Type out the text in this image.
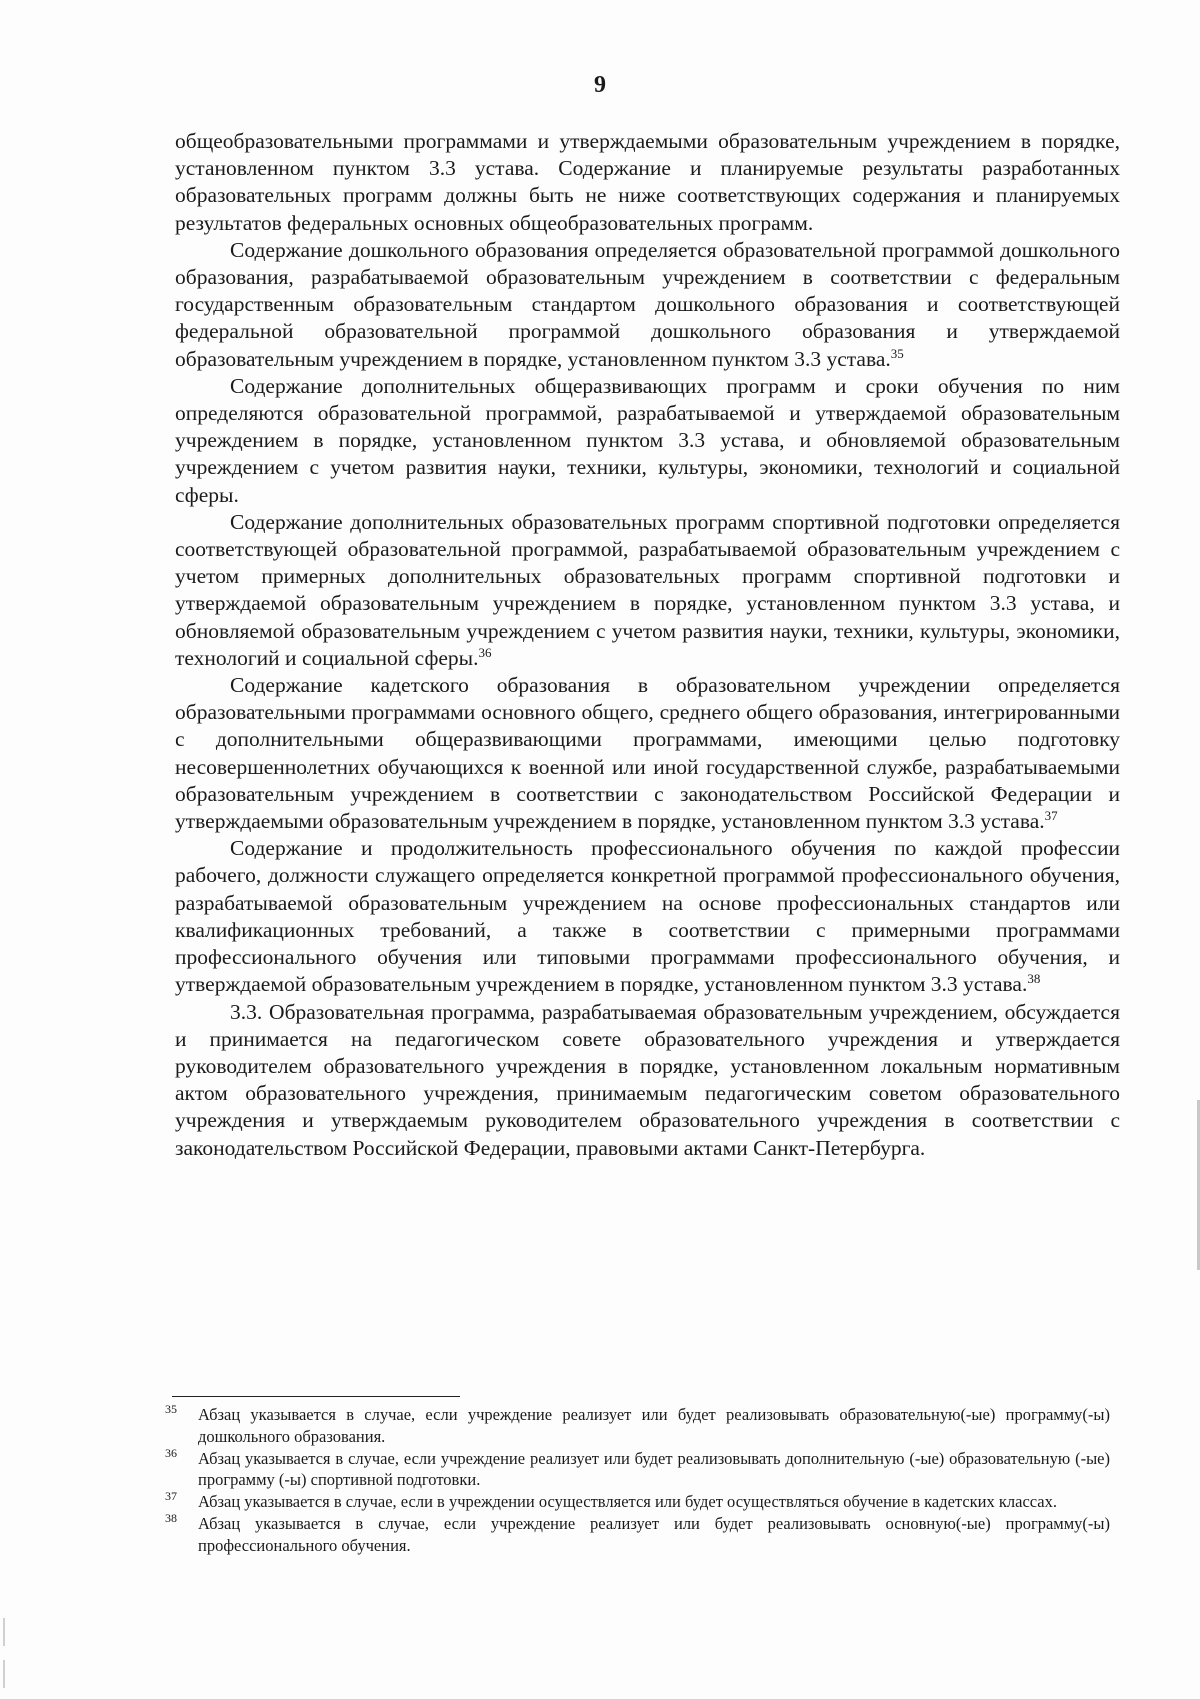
9

общеобразовательными программами и утверждаемыми образовательным учреждением в порядке, установленном пунктом 3.3 устава. Содержание и планируемые результаты разработанных образовательных программ должны быть не ниже соответствующих содержания и планируемых результатов федеральных основных общеобразовательных программ.

Содержание дошкольного образования определяется образовательной программой дошкольного образования, разрабатываемой образовательным учреждением в соответствии с федеральным государственным образовательным стандартом дошкольного образования и соответствующей федеральной образовательной программой дошкольного образования и утверждаемой образовательным учреждением в порядке, установленном пунктом 3.3 устава.$^{35}$

Содержание дополнительных общеразвивающих программ и сроки обучения по ним определяются образовательной программой, разрабатываемой и утверждаемой образовательным учреждением в порядке, установленном пунктом 3.3 устава, и обновляемой образовательным учреждением с учетом развития науки, техники, культуры, экономики, технологий и социальной сферы.

Содержание дополнительных образовательных программ спортивной подготовки определяется соответствующей образовательной программой, разрабатываемой образовательным учреждением с учетом примерных дополнительных образовательных программ спортивной подготовки и утверждаемой образовательным учреждением в порядке, установленном пунктом 3.3 устава, и обновляемой образовательным учреждением с учетом развития науки, техники, культуры, экономики, технологий и социальной сферы.$^{36}$

Содержание кадетского образования в образовательном учреждении определяется образовательными программами основного общего, среднего общего образования, интегрированными с дополнительными общеразвивающими программами, имеющими целью подготовку несовершеннолетних обучающихся к военной или иной государственной службе, разрабатываемыми образовательным учреждением в соответствии с законодательством Российской Федерации и утверждаемыми образовательным учреждением в порядке, установленном пунктом 3.3 устава.$^{37}$

Содержание и продолжительность профессионального обучения по каждой профессии рабочего, должности служащего определяется конкретной программой профессионального обучения, разрабатываемой образовательным учреждением на основе профессиональных стандартов или квалификационных требований, а также в соответствии с примерными программами профессионального обучения или типовыми программами профессионального обучения, и утверждаемой образовательным учреждением в порядке, установленном пунктом 3.3 устава.$^{38}$

3.3. Образовательная программа, разрабатываемая образовательным учреждением, обсуждается и принимается на педагогическом совете образовательного учреждения и утверждается руководителем образовательного учреждения в порядке, установленном локальным нормативным актом образовательного учреждения, принимаемым педагогическим советом образовательного учреждения и утверждаемым руководителем образовательного учреждения в соответствии с законодательством Российской Федерации, правовыми актами Санкт-Петербурга.

35 Абзац указывается в случае, если учреждение реализует или будет реализовывать образовательную(-ые) программу(-ы) дошкольного образования.
36 Абзац указывается в случае, если учреждение реализует или будет реализовывать дополнительную (-ые) образовательную (-ые) программу (-ы) спортивной подготовки.
37 Абзац указывается в случае, если в учреждении осуществляется или будет осуществляться обучение в кадетских классах.
38 Абзац указывается в случае, если учреждение реализует или будет реализовывать основную(-ые) программу(-ы) профессионального обучения.
